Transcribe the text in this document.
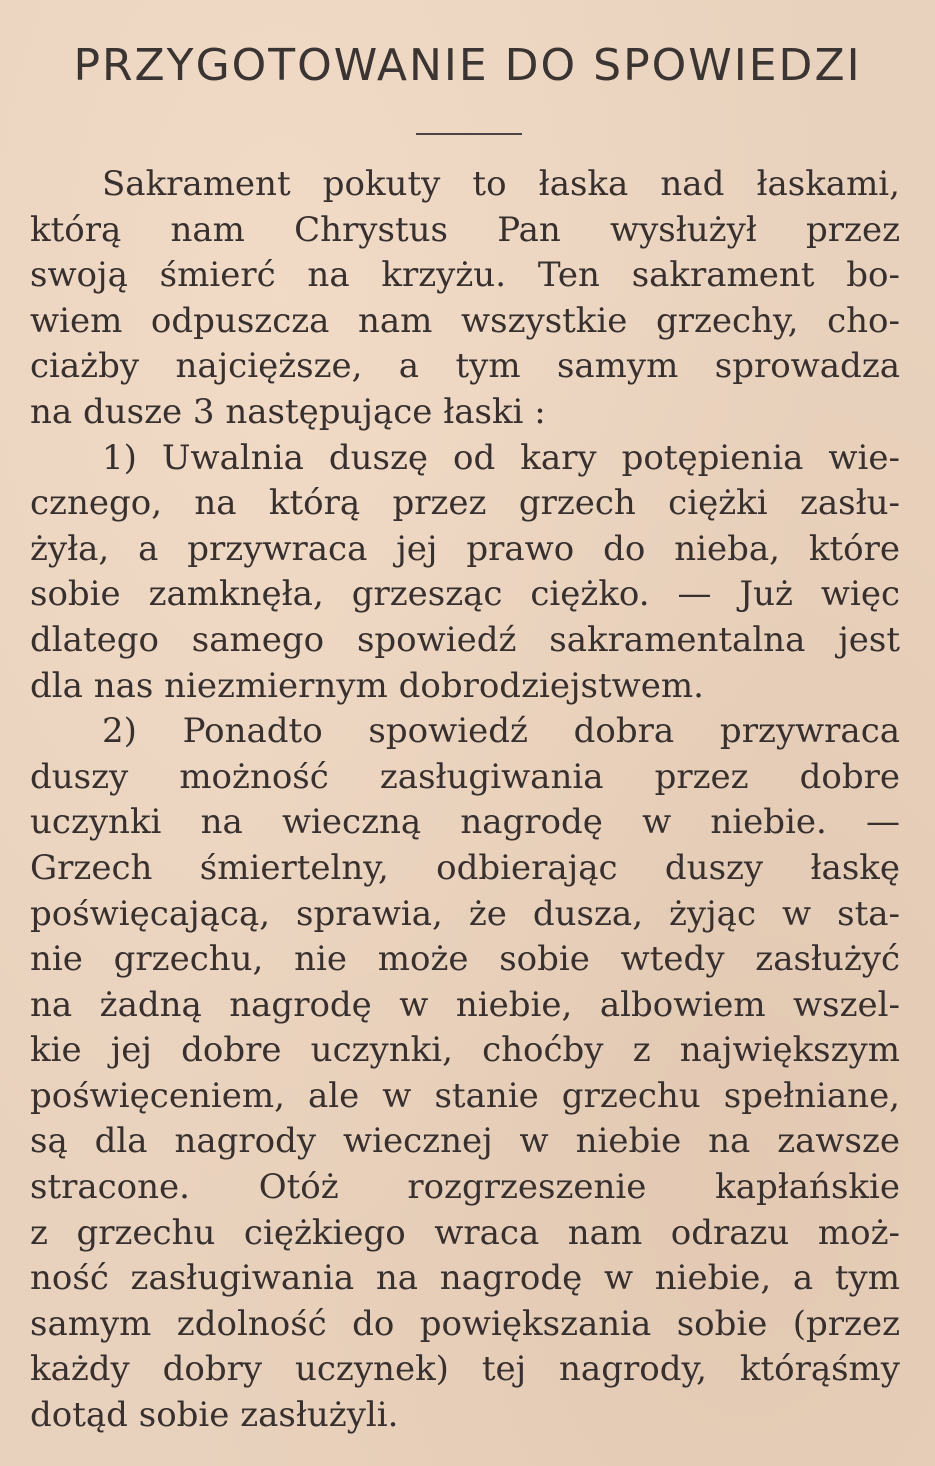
PRZYGOTOWANIE DO SPOWIEDZI
Sakrament pokuty to łaska nad łaskami,
którą nam Chrystus Pan wysłużył przez
swoją śmierć na krzyżu. Ten sakrament bo-
wiem odpuszcza nam wszystkie grzechy, cho-
ciażby najcięższe, a tym samym sprowadza
na dusze 3 następujące łaski :
1) Uwalnia duszę od kary potępienia wie-
cznego, na którą przez grzech ciężki zasłu-
żyła, a przywraca jej prawo do nieba, które
sobie zamknęła, grzesząc ciężko. — Już więc
dlatego samego spowiedź sakramentalna jest
dla nas niezmiernym dobrodziejstwem.
2) Ponadto spowiedź dobra przywraca
duszy możność zasługiwania przez dobre
uczynki na wieczną nagrodę w niebie. —
Grzech śmiertelny, odbierając duszy łaskę
poświęcającą, sprawia, że dusza, żyjąc w sta-
nie grzechu, nie może sobie wtedy zasłużyć
na żadną nagrodę w niebie, albowiem wszel-
kie jej dobre uczynki, choćby z największym
poświęceniem, ale w stanie grzechu spełniane,
są dla nagrody wiecznej w niebie na zawsze
stracone. Otóż rozgrzeszenie kapłańskie
z grzechu ciężkiego wraca nam odrazu moż-
ność zasługiwania na nagrodę w niebie, a tym
samym zdolność do powiększania sobie (przez
każdy dobry uczynek) tej nagrody, którąśmy
dotąd sobie zasłużyli.
